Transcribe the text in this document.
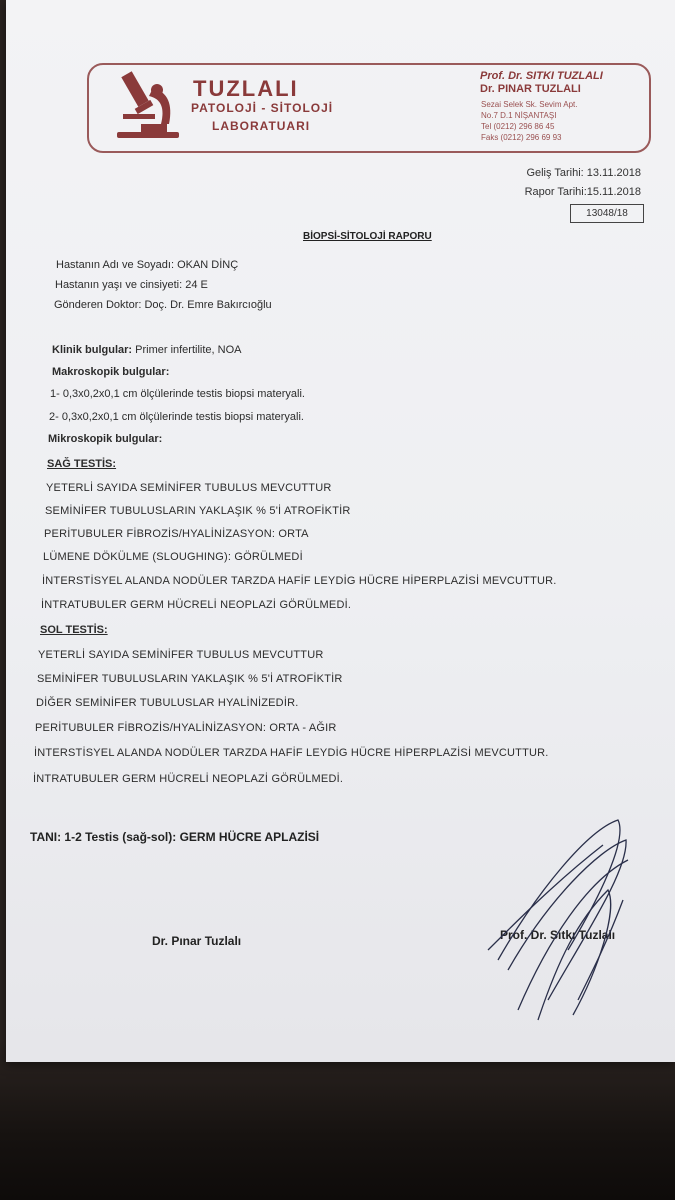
TUZLALI
PATOLOJİ - SİTOLOJİ
LABORATUARI
Prof. Dr. SITKI TUZLALI
Dr. PINAR TUZLALI
Sezai Selek Sk. Sevim Apt.
No.7 D.1 NİŞANTAŞI
Tel (0212) 296 86 45
Faks (0212) 296 69 93
Geliş Tarihi: 13.11.2018
Rapor Tarihi:15.11.2018
13048/18
BİOPSİ-SİTOLOJİ RAPORU
Hastanın Adı ve Soyadı: OKAN DİNÇ
Hastanın yaşı ve cinsiyeti: 24 E
Gönderen Doktor: Doç. Dr. Emre Bakırcıoğlu
Klinik bulgular: Primer infertilite, NOA
Makroskopik bulgular:
1- 0,3x0,2x0,1 cm ölçülerinde testis biopsi materyali.
2- 0,3x0,2x0,1 cm ölçülerinde testis biopsi materyali.
Mikroskopik bulgular:
SAĞ TESTİS:
YETERLİ SAYIDA SEMİNİFER TUBULUS MEVCUTTUR
SEMİNİFER TUBULUSLARIN YAKLAŞIK % 5'İ ATROFİKTİR
PERİTUBULER FİBROZİS/HYALİNİZASYON: ORTA
LÜMENE DÖKÜLME (SLOUGHING): GÖRÜLMEDİ
İNTERSTİSYEL ALANDA NODÜLER TARZDA HAFİF LEYDİG HÜCRE HİPERPLAZİSİ MEVCUTTUR.
İNTRATUBULER GERM HÜCRELİ NEOPLAZİ GÖRÜLMEDİ.
SOL TESTİS:
YETERLİ SAYIDA SEMİNİFER TUBULUS MEVCUTTUR
SEMİNİFER TUBULUSLARIN YAKLAŞIK % 5'İ ATROFİKTİR
DİĞER SEMİNİFER TUBULUSLAR HYALİNİZEDİR.
PERİTUBULER FİBROZİS/HYALİNİZASYON: ORTA - AĞIR
İNTERSTİSYEL ALANDA NODÜLER TARZDA HAFİF LEYDİG HÜCRE HİPERPLAZİSİ MEVCUTTUR.
İNTRATUBULER GERM HÜCRELİ NEOPLAZİ GÖRÜLMEDİ.
TANI: 1-2 Testis (sağ-sol): GERM HÜCRE APLAZİSİ
Dr. Pınar Tuzlalı	Prof. Dr. Sıtkı Tuzlalı
